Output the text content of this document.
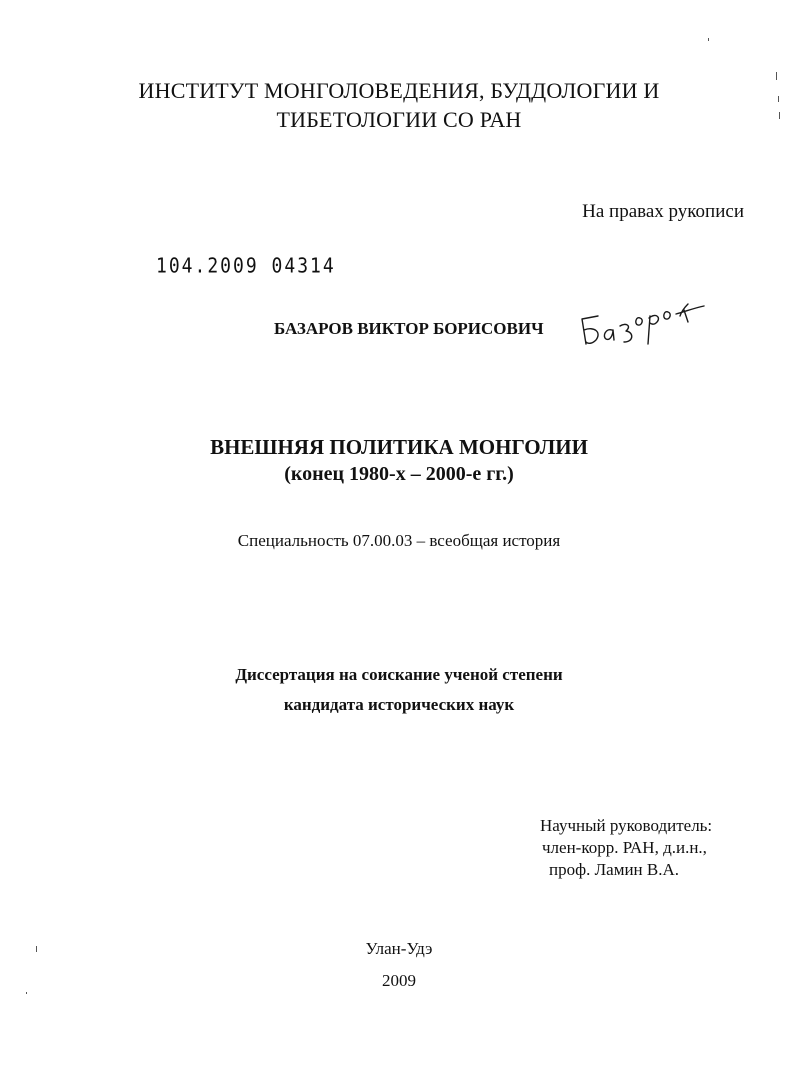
ИНСТИТУТ МОНГОЛОВЕДЕНИЯ, БУДДОЛОГИИ И
ТИБЕТОЛОГИИ СО РАН
На правах рукописи
104.2009 04314
БАЗАРОВ ВИКТОР БОРИСОВИЧ
ВНЕШНЯЯ ПОЛИТИКА МОНГОЛИИ
(конец 1980-х – 2000-е гг.)
Специальность 07.00.03 – всеобщая история
Диссертация на соискание ученой степени
кандидата исторических наук
Научный руководитель:
член-корр. РАН, д.и.н.,
проф. Ламин В.А.
Улан-Удэ
2009
